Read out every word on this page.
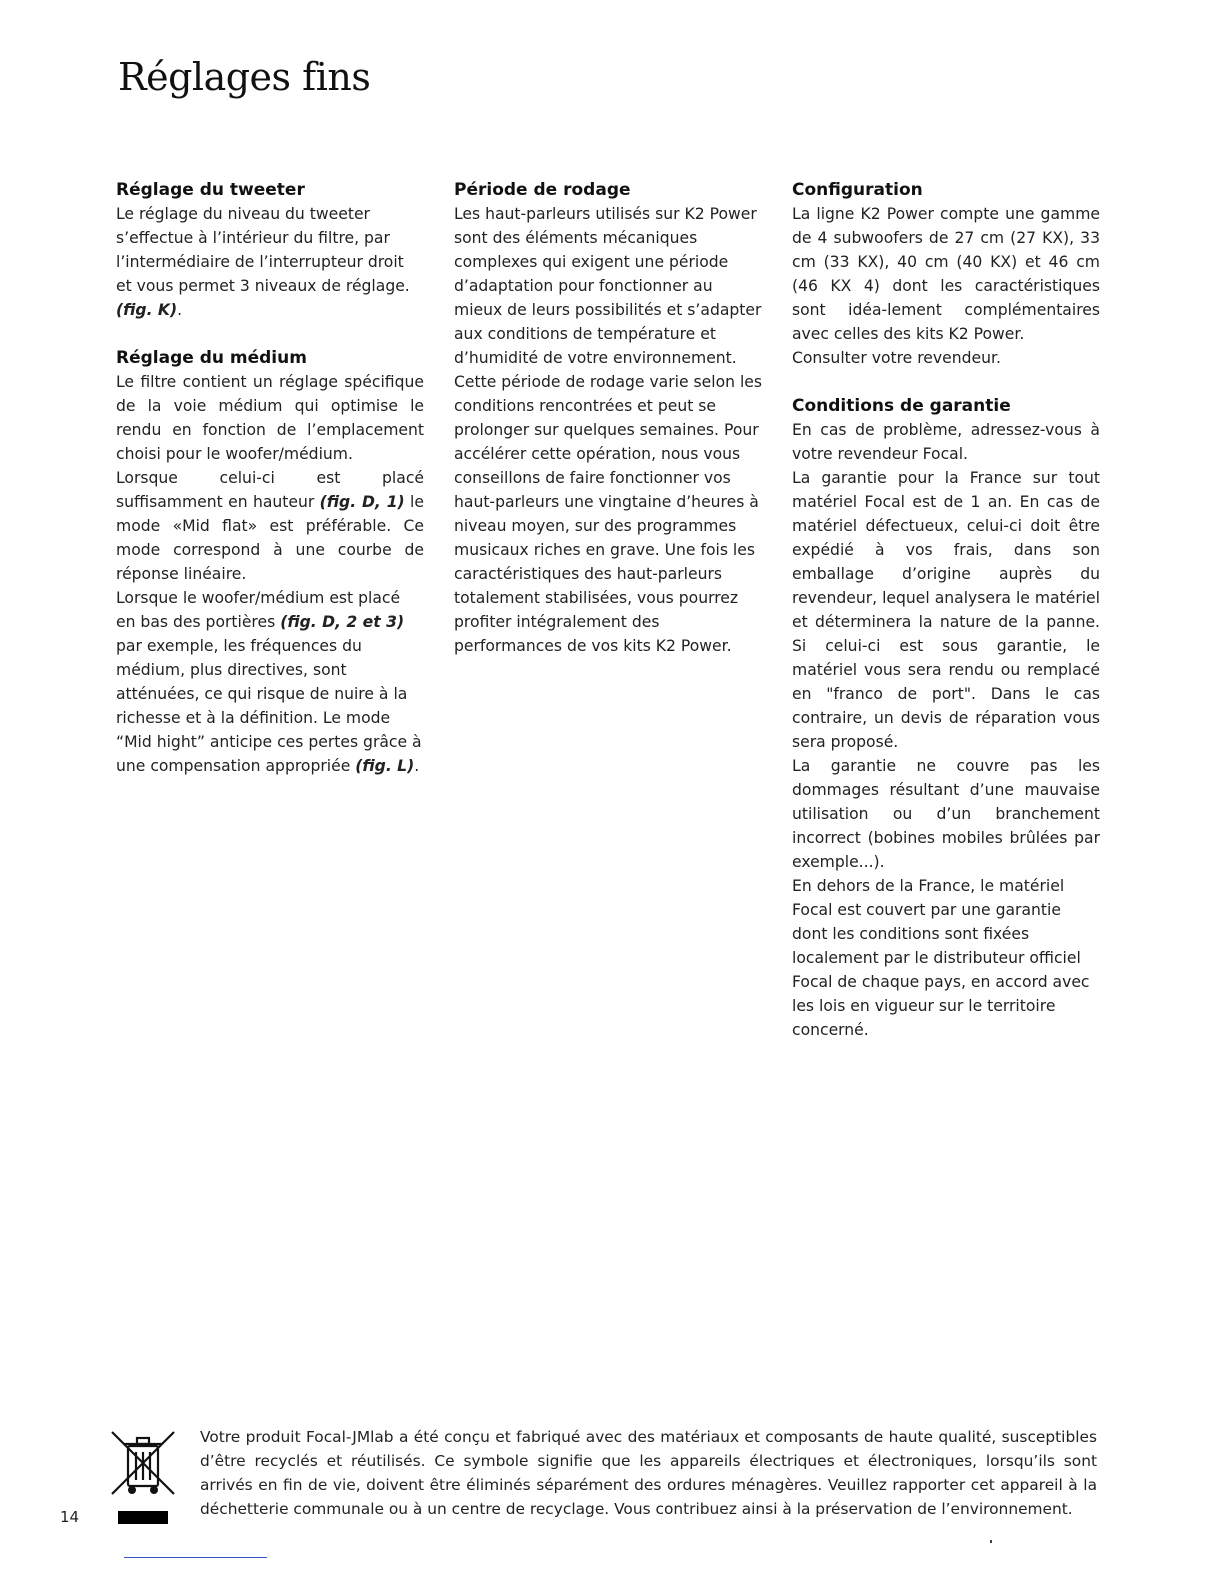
Réglages fins
Réglage du tweeter

Le réglage du niveau du tweeter s’effectue à l’intérieur du filtre, par l’intermédiaire de l’interrupteur droit et vous permet 3 niveaux de réglage. (fig. K).

Réglage du médium

Le filtre contient un réglage spécifique de la voie médium qui optimise le rendu en fonction de l’emplacement choisi pour le woofer/médium.

Lorsque celui-ci est placé suffisamment en hauteur (fig. D, 1) le mode «Mid flat» est préférable. Ce mode correspond à une courbe de réponse linéaire.

Lorsque le woofer/médium est placé en bas des portières (fig. D, 2 et 3) par exemple, les fréquences du médium, plus directives, sont atténuées, ce qui risque de nuire à la richesse et à la définition. Le mode “Mid hight” anticipe ces pertes grâce à une compensation appropriée (fig. L).

Période de rodage

Les haut-parleurs utilisés sur K2 Power sont des éléments mécaniques complexes qui exigent une période d’adaptation pour fonctionner au mieux de leurs possibilités et s’adapter aux conditions de température et d’humidité de votre environnement. Cette période de rodage varie selon les conditions rencontrées et peut se prolonger sur quelques semaines. Pour accélérer cette opération, nous vous conseillons de faire fonctionner vos haut-parleurs une vingtaine d’heures à niveau moyen, sur des programmes musicaux riches en grave. Une fois les caractéristiques des haut-parleurs totalement stabilisées, vous pourrez profiter intégralement des performances de vos kits K2 Power.

Configuration

La ligne K2 Power compte une gamme de 4 subwoofers de 27 cm (27 KX), 33 cm (33 KX), 40 cm (40 KX) et 46 cm (46 KX 4) dont les caractéristiques sont idéa-lement complémentaires avec celles des kits K2 Power.

Consulter votre revendeur.

Conditions de garantie

En cas de problème, adressez-vous à votre revendeur Focal.

La garantie pour la France sur tout matériel Focal est de 1 an. En cas de matériel défectueux, celui-ci doit être expédié à vos frais, dans son emballage d’origine auprès du revendeur, lequel analysera le matériel et déterminera la nature de la panne. Si celui-ci est sous garantie, le matériel vous sera rendu ou remplacé en "franco de port". Dans le cas contraire, un devis de réparation vous sera proposé.

La garantie ne couvre pas les dommages résultant d’une mauvaise utilisation ou d’un branchement incorrect (bobines mobiles brûlées par exemple...).

En dehors de la France, le matériel Focal est couvert par une garantie dont les conditions sont fixées localement par le distributeur officiel Focal de chaque pays, en accord avec les lois en vigueur sur le territoire concerné.

14

Votre produit Focal-JMlab a été conçu et fabriqué avec des matériaux et composants de haute qualité, susceptibles d’être recyclés et réutilisés. Ce symbole signifie que les appareils électriques et électroniques, lorsqu’ils sont arrivés en fin de vie, doivent être éliminés séparément des ordures ménagères. Veuillez rapporter cet appareil à la déchetterie communale ou à un centre de recyclage. Vous contribuez ainsi à la préservation de l’environnement.
